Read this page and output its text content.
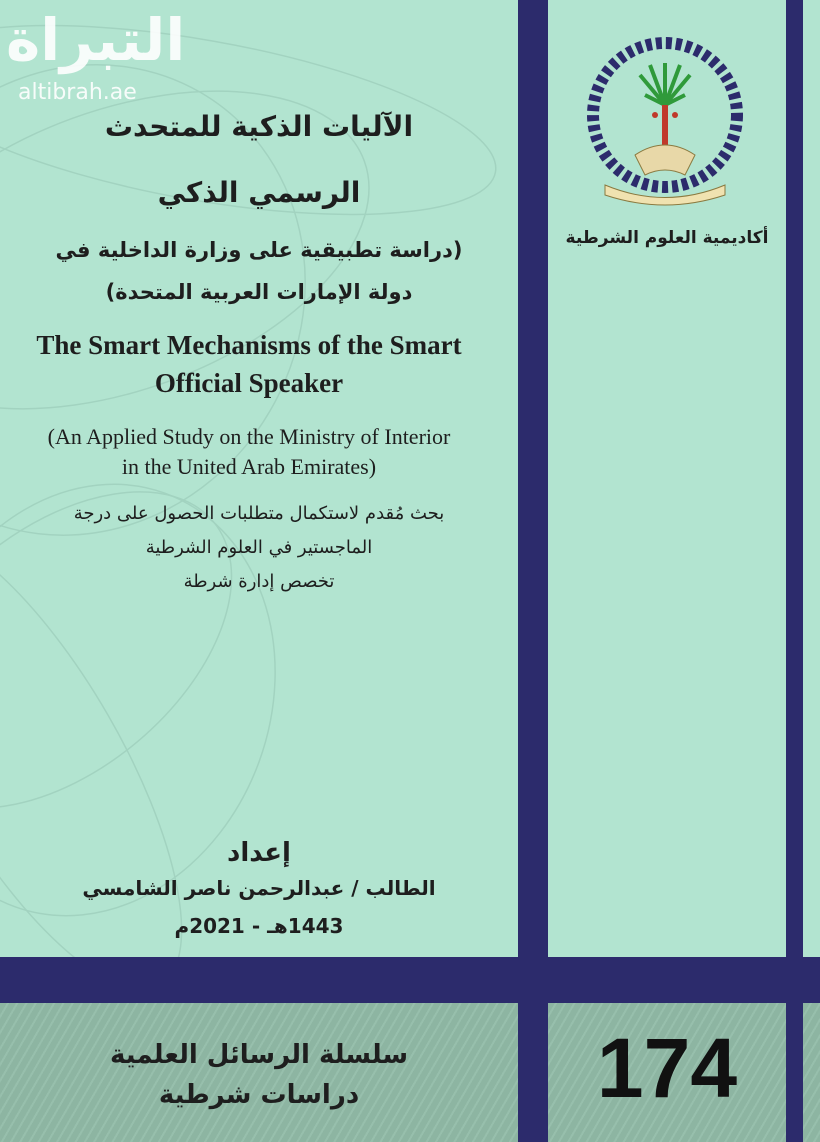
التبراة
altibrah.ae
أكاديمية العلوم الشرطية
الآليات الذكية للمتحدث
الرسمي الذكي
(دراسة تطبيقية على وزارة الداخلية في
دولة الإمارات العربية المتحدة)
The Smart Mechanisms of the Smart
Official Speaker
(An Applied Study on the Ministry of Interior
in the United Arab Emirates)
بحث مُقدم لاستكمال متطلبات الحصول على درجة
الماجستير في العلوم الشرطية
تخصص إدارة شرطة
إعداد
الطالب / عبدالرحمن ناصر الشامسي
1443هـ - 2021م
سلسلة الرسائل العلمية
دراسات شرطية	174
